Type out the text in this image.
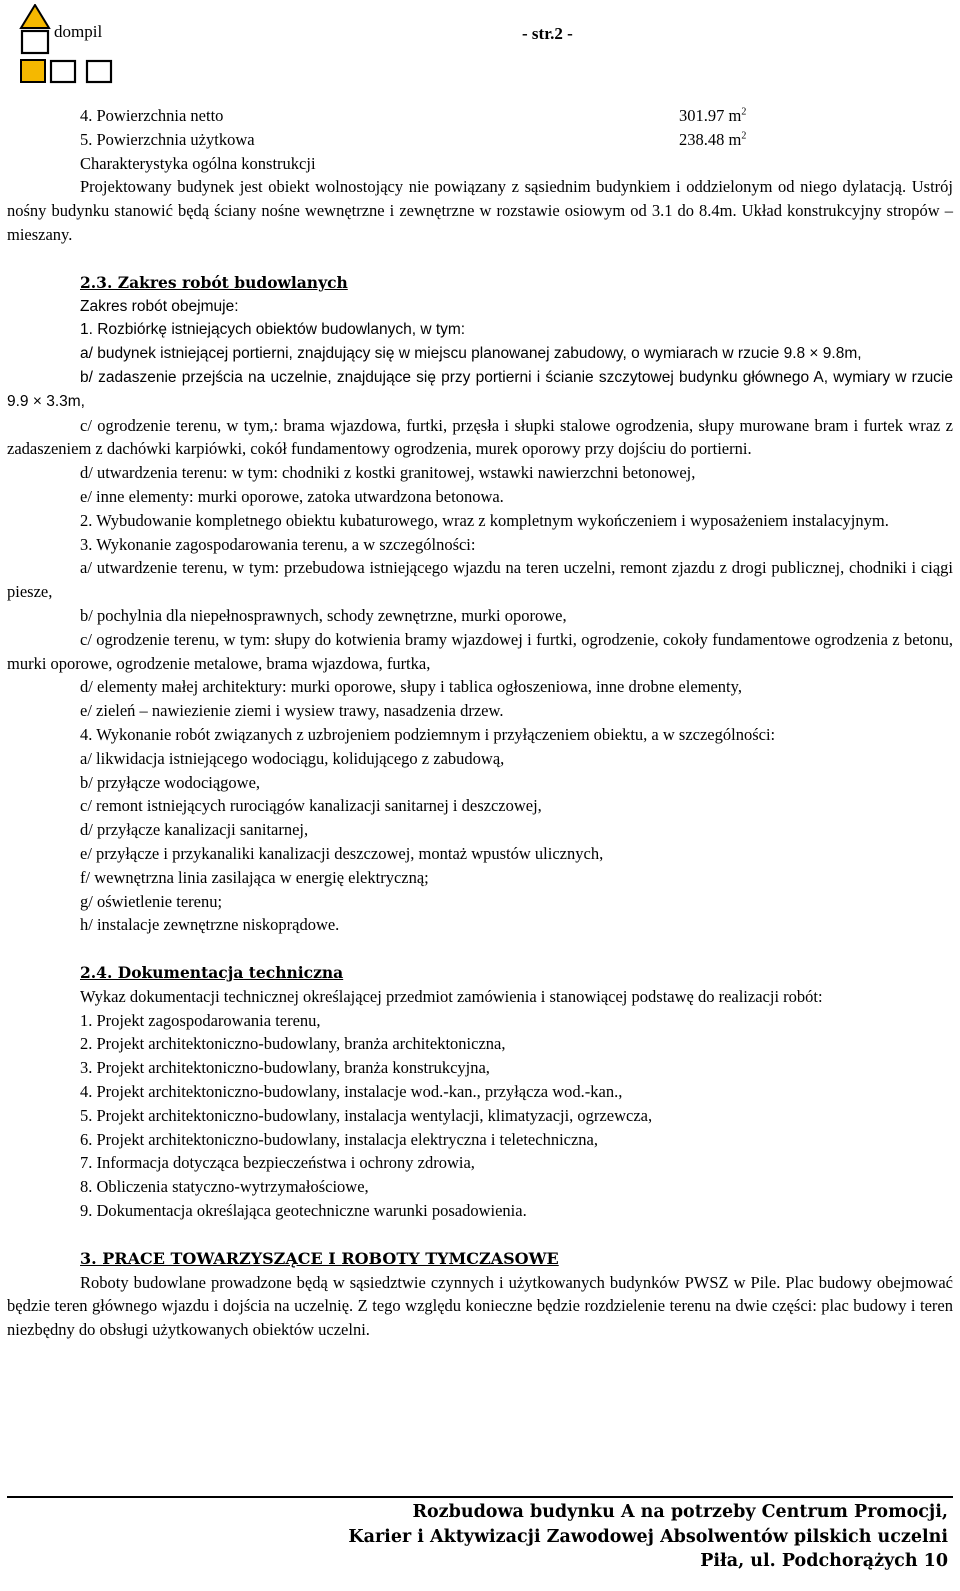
dompil	- str.2 -
4. Powierzchnia netto	301.97 $m^2$
5. Powierzchnia użytkowa	238.48 $m^2$

Charakterystyka ogólna konstrukcji

Projektowany budynek jest obiekt wolnostojący nie powiązany z sąsiednim budynkiem i oddzielonym od niego dylatacją. Ustrój nośny budynku stanowić będą ściany nośne wewnętrzne i zewnętrzne w rozstawie osiowym od 3.1 do 8.4m. Układ konstrukcyjny stropów – mieszany.

2.3. Zakres robót budowlanych

Zakres robót obejmuje:

1. Rozbiórkę istniejących obiektów budowlanych, w tym:

a/ budynek istniejącej portierni, znajdujący się w miejscu planowanej zabudowy, o wymiarach w rzucie 9.8 × 9.8m,

b/ zadaszenie przejścia na uczelnie, znajdujące się przy portierni i ścianie szczytowej budynku głównego A, wymiary w rzucie 9.9 × 3.3m,

c/ ogrodzenie terenu, w tym,: brama wjazdowa, furtki, przęsła i słupki stalowe ogrodzenia, słupy murowane bram i furtek wraz z zadaszeniem z dachówki karpiówki, cokół fundamentowy ogrodzenia, murek oporowy przy dojściu do portierni.

d/ utwardzenia terenu: w tym: chodniki z kostki granitowej, wstawki nawierzchni betonowej,

e/ inne elementy: murki oporowe, zatoka utwardzona betonowa.

2. Wybudowanie kompletnego obiektu kubaturowego, wraz z kompletnym wykończeniem i wyposażeniem instalacyjnym.

3. Wykonanie zagospodarowania terenu, a w szczególności:

a/ utwardzenie terenu, w tym: przebudowa istniejącego wjazdu na teren uczelni, remont zjazdu z drogi publicznej, chodniki i ciągi piesze,

b/ pochylnia dla niepełnosprawnych, schody zewnętrzne, murki oporowe,

c/ ogrodzenie terenu, w tym: słupy do kotwienia bramy wjazdowej i furtki, ogrodzenie, cokoły fundamentowe ogrodzenia z betonu, murki oporowe, ogrodzenie metalowe, brama wjazdowa, furtka,

d/ elementy małej architektury: murki oporowe, słupy i tablica ogłoszeniowa, inne drobne elementy,

e/ zieleń – nawiezienie ziemi i wysiew trawy, nasadzenia drzew.

4. Wykonanie robót związanych z uzbrojeniem podziemnym i przyłączeniem obiektu, a w szczególności:

a/ likwidacja istniejącego wodociągu, kolidującego z zabudową,

b/ przyłącze wodociągowe,

c/ remont istniejących rurociągów kanalizacji sanitarnej i deszczowej,

d/ przyłącze kanalizacji sanitarnej,

e/ przyłącze i przykanaliki kanalizacji deszczowej, montaż wpustów ulicznych,

f/ wewnętrzna linia zasilająca w energię elektryczną;

g/ oświetlenie terenu;

h/ instalacje zewnętrzne niskoprądowe.

2.4. Dokumentacja techniczna

Wykaz dokumentacji technicznej określającej przedmiot zamówienia i stanowiącej podstawę do realizacji robót:

1. Projekt zagospodarowania terenu,

2. Projekt architektoniczno-budowlany, branża architektoniczna,

3. Projekt architektoniczno-budowlany, branża konstrukcyjna,

4. Projekt architektoniczno-budowlany, instalacje wod.-kan., przyłącza wod.-kan.,

5. Projekt architektoniczno-budowlany, instalacja wentylacji, klimatyzacji, ogrzewcza,

6. Projekt architektoniczno-budowlany, instalacja elektryczna i teletechniczna,

7. Informacja dotycząca bezpieczeństwa i ochrony zdrowia,

8. Obliczenia statyczno-wytrzymałościowe,

9. Dokumentacja określająca geotechniczne warunki posadowienia.

3. PRACE TOWARZYSZĄCE I ROBOTY TYMCZASOWE

Roboty budowlane prowadzone będą w sąsiedztwie czynnych i użytkowanych budynków PWSZ w Pile. Plac budowy obejmować będzie teren głównego wjazdu i dojścia na uczelnię. Z tego względu konieczne będzie rozdzielenie terenu na dwie części: plac budowy i teren niezbędny do obsługi użytkowanych obiektów uczelni.

Rozbudowa budynku A na potrzeby Centrum Promocji,
Karier i Aktywizacji Zawodowej Absolwentów pilskich uczelni
Piła, ul. Podchorążych 10
